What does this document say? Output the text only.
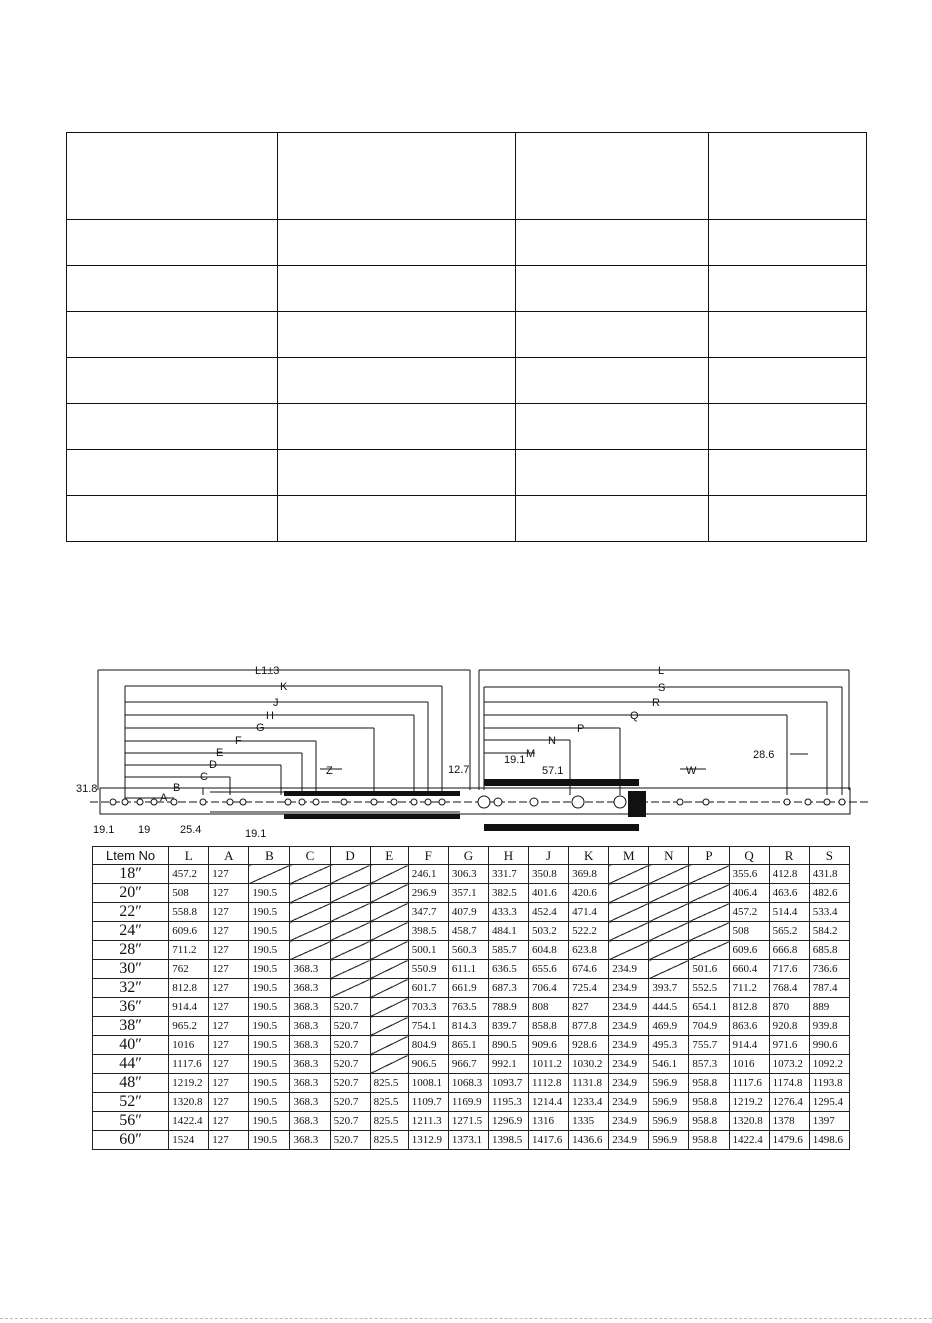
L1±3
K
J
H
G
F
E
D
C
B
A
Z
L
S
R
Q
P
N
M
W
31.8
19.1 19	25.4	19.1
12.7
19.1
57.1
28.6
Ltem No	L	A	B	C	D	E	F	G	H	J	K	M	N	P	Q	R	S
18″	457.2	127					246.1	306.3	331.7	350.8	369.8				355.6	412.8	431.8
20″	508	127	190.5				296.9	357.1	382.5	401.6	420.6				406.4	463.6	482.6
22″	558.8	127	190.5				347.7	407.9	433.3	452.4	471.4				457.2	514.4	533.4
24″	609.6	127	190.5				398.5	458.7	484.1	503.2	522.2				508	565.2	584.2
28″	711.2	127	190.5				500.1	560.3	585.7	604.8	623.8				609.6	666.8	685.8
30″	762	127	190.5	368.3			550.9	611.1	636.5	655.6	674.6	234.9		501.6	660.4	717.6	736.6
32″	812.8	127	190.5	368.3			601.7	661.9	687.3	706.4	725.4	234.9	393.7	552.5	711.2	768.4	787.4
36″	914.4	127	190.5	368.3	520.7		703.3	763.5	788.9	808	827	234.9	444.5	654.1	812.8	870	889
38″	965.2	127	190.5	368.3	520.7		754.1	814.3	839.7	858.8	877.8	234.9	469.9	704.9	863.6	920.8	939.8
40″	1016	127	190.5	368.3	520.7		804.9	865.1	890.5	909.6	928.6	234.9	495.3	755.7	914.4	971.6	990.6
44″	1117.6	127	190.5	368.3	520.7		906.5	966.7	992.1	1011.2	1030.2	234.9	546.1	857.3	1016	1073.2	1092.2
48″	1219.2	127	190.5	368.3	520.7	825.5	1008.1	1068.3	1093.7	1112.8	1131.8	234.9	596.9	958.8	1117.6	1174.8	1193.8
52″	1320.8	127	190.5	368.3	520.7	825.5	1109.7	1169.9	1195.3	1214.4	1233.4	234.9	596.9	958.8	1219.2	1276.4	1295.4
56″	1422.4	127	190.5	368.3	520.7	825.5	1211.3	1271.5	1296.9	1316	1335	234.9	596.9	958.8	1320.8	1378	1397
60″	1524	127	190.5	368.3	520.7	825.5	1312.9	1373.1	1398.5	1417.6	1436.6	234.9	596.9	958.8	1422.4	1479.6	1498.6
